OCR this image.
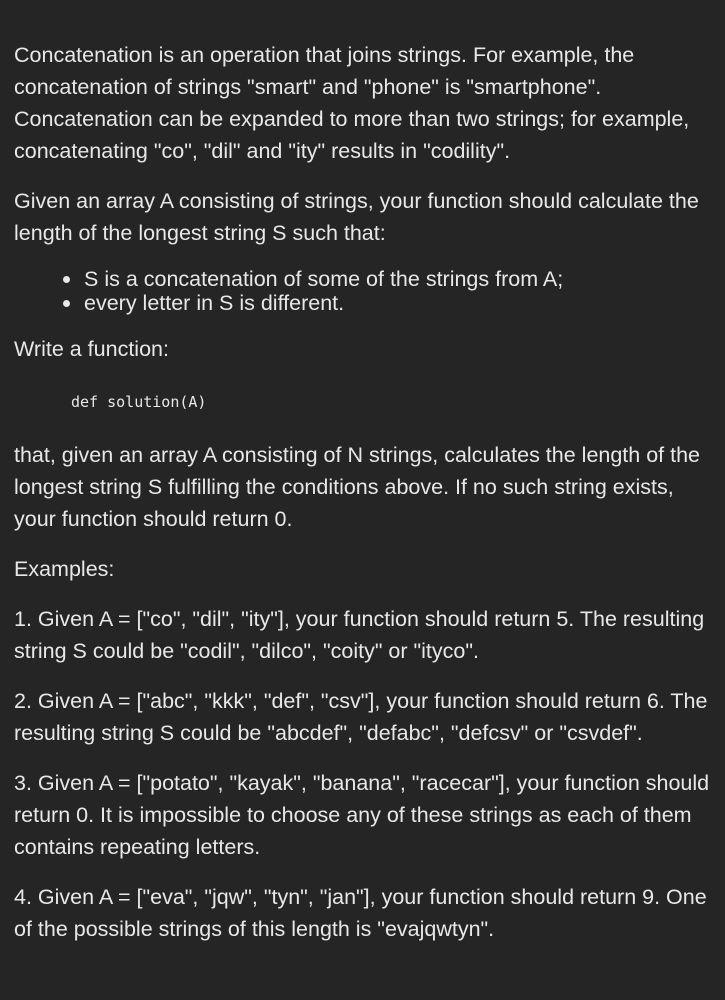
Concatenation is an operation that joins strings. For example, the concatenation of strings "smart" and "phone" is "smartphone". Concatenation can be expanded to more than two strings; for example, concatenating "co", "dil" and "ity" results in "codility".

Given an array A consisting of strings, your function should calculate the length of the longest string S such that:

S is a concatenation of some of the strings from A;
every letter in S is different.

Write a function:

def solution(A)

that, given an array A consisting of N strings, calculates the length of the longest string S fulfilling the conditions above. If no such string exists, your function should return 0.

Examples:

1. Given A = ["co", "dil", "ity"], your function should return 5. The resulting string S could be "codil", "dilco", "coity" or "ityco".

2. Given A = ["abc", "kkk", "def", "csv"], your function should return 6. The resulting string S could be "abcdef", "defabc", "defcsv" or "csvdef".

3. Given A = ["potato", "kayak", "banana", "racecar"], your function should return 0. It is impossible to choose any of these strings as each of them contains repeating letters.

4. Given A = ["eva", "jqw", "tyn", "jan"], your function should return 9. One of the possible strings of this length is "evajqwtyn".
